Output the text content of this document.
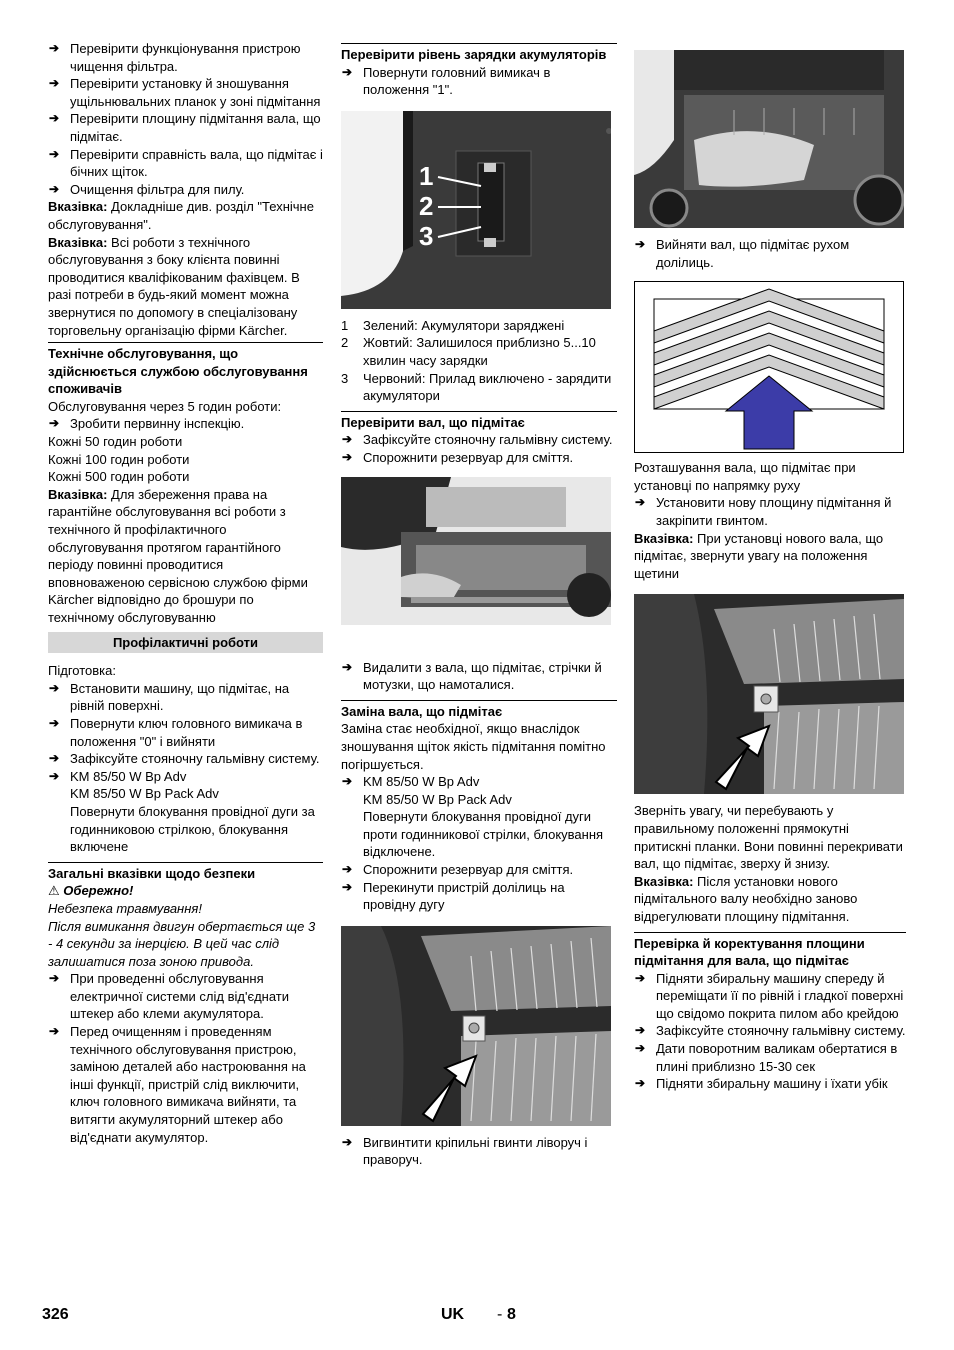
➔ Перевірити функціонування пристрою чищення фільтра.

➔ Перевірити установку й зношування ущільнювальних планок у зоні підмітання

➔ Перевірити площину підмітання вала, що підмітає.

➔ Перевірити справність вала, що підмітає і бічних щіток.

➔ Очищення фільтра для пилу.

Вказівка: Докладніше див. розділ "Технічне обслуговування".

Вказівка: Всі роботи з технічного обслуговування з боку клієнта повинні проводитися кваліфікованим фахівцем. В разі потреби в будь-який момент можна звернутися по допомогу в спеціалізовану торговельну організацію фірми Kärcher.

Технічне обслуговування, що здійснюється службою обслуговування споживачів

Обслуговування через 5 годин роботи:

➔ Зробити первинну інспекцію.

Кожні 50 годин роботи

Кожні 100 годин роботи

Кожні 500 годин роботи

Вказівка: Для збереження права на гарантійне обслуговування всі роботи з технічного й профілактичного обслуговування протягом гарантійного періоду повинні проводитися вповноваженою сервісною службою фірми Kärcher відповідно до брошури по технічному обслуговуванню

Профілактичні роботи

Підготовка:

➔ Встановити машину, що підмітає, на рівній поверхні.

➔ Повернути ключ головного вимикача в положення "0" і вийняти

➔ Зафіксуйте стояночну гальмівну систему.

➔ KM 85/50 W Bp Adv

KM 85/50 W Bp Pack Adv

Повернути блокування провідної дуги за годинниковою стрілкою, блокування включене

Загальні вказівки щодо безпеки

⚠ Обережно!

Небезпека травмування!

Після вимикання двигун обертається ще 3 - 4 секунди за інерцією. В цей час слід залишатися поза зоною привода.

➔ При проведенні обслуговування електричної системи слід від'єднати штекер або клеми акумулятора.

➔ Перед очищенням і проведенням технічного обслуговування пристрою, заміною деталей або настроювання на інші функції, пристрій слід виключити, ключ головного вимикача вийняти, та витягти акумуляторний штекер або від'єднати акумулятор.

Перевірити рівень зарядки акумуляторів

➔ Повернути головний вимикач в положення "1".

1
2
3

1 Зелений: Акумулятори заряджені

2 Жовтий: Залишилося приблизно 5...10 хвилин часу зарядки

3 Червоний: Прилад виключено - зарядити акумулятори

Перевірити вал, що підмітає

➔ Зафіксуйте стояночну гальмівну систему.

➔ Спорожнити резервуар для сміття.

➔ Видалити з вала, що підмітає, стрічки й мотузки, що намоталися.

Заміна вала, що підмітає

Заміна стає необхідної, якщо внаслідок зношування щіток якість підмітання помітно погіршується.

➔ KM 85/50 W Bp Adv

KM 85/50 W Bp Pack Adv

Повернути блокування провідної дуги проти годинникової стрілки, блокування відключене.

➔ Спорожнити резервуар для сміття.

➔ Перекинути пристрій долілиць на провідну дугу

➔ Вигвинтити кріпильні гвинти ліворуч і праворуч.

➔ Вийняти вал, що підмітає рухом долілиць.

Розташування вала, що підмітає при установці по напрямку руху

➔ Установити нову площину підмітання й закріпити гвинтом.

Вказівка: При установці нового вала, що підмітає, звернути увагу на положення щетини

Зверніть увагу, чи перебувають у правильному положенні прямокутні притискні планки. Вони повинні перекривати вал, що підмітає, зверху й знизу.

Вказівка: Після установки нового підмітального валу необхідно заново відрегулювати площину підмітання.

Перевірка й коректування площини підмітання для вала, що підмітає

➔ Підняти збиральну машину спереду й переміщати її по рівній і гладкої поверхні що свідомо покрита пилом або крейдою

➔ Зафіксуйте стояночну гальмівну систему.

➔ Дати поворотним валикам обертатися в плині приблизно 15-30 сек

➔ Підняти збиральну машину і їхати убік

326	UK - 8
